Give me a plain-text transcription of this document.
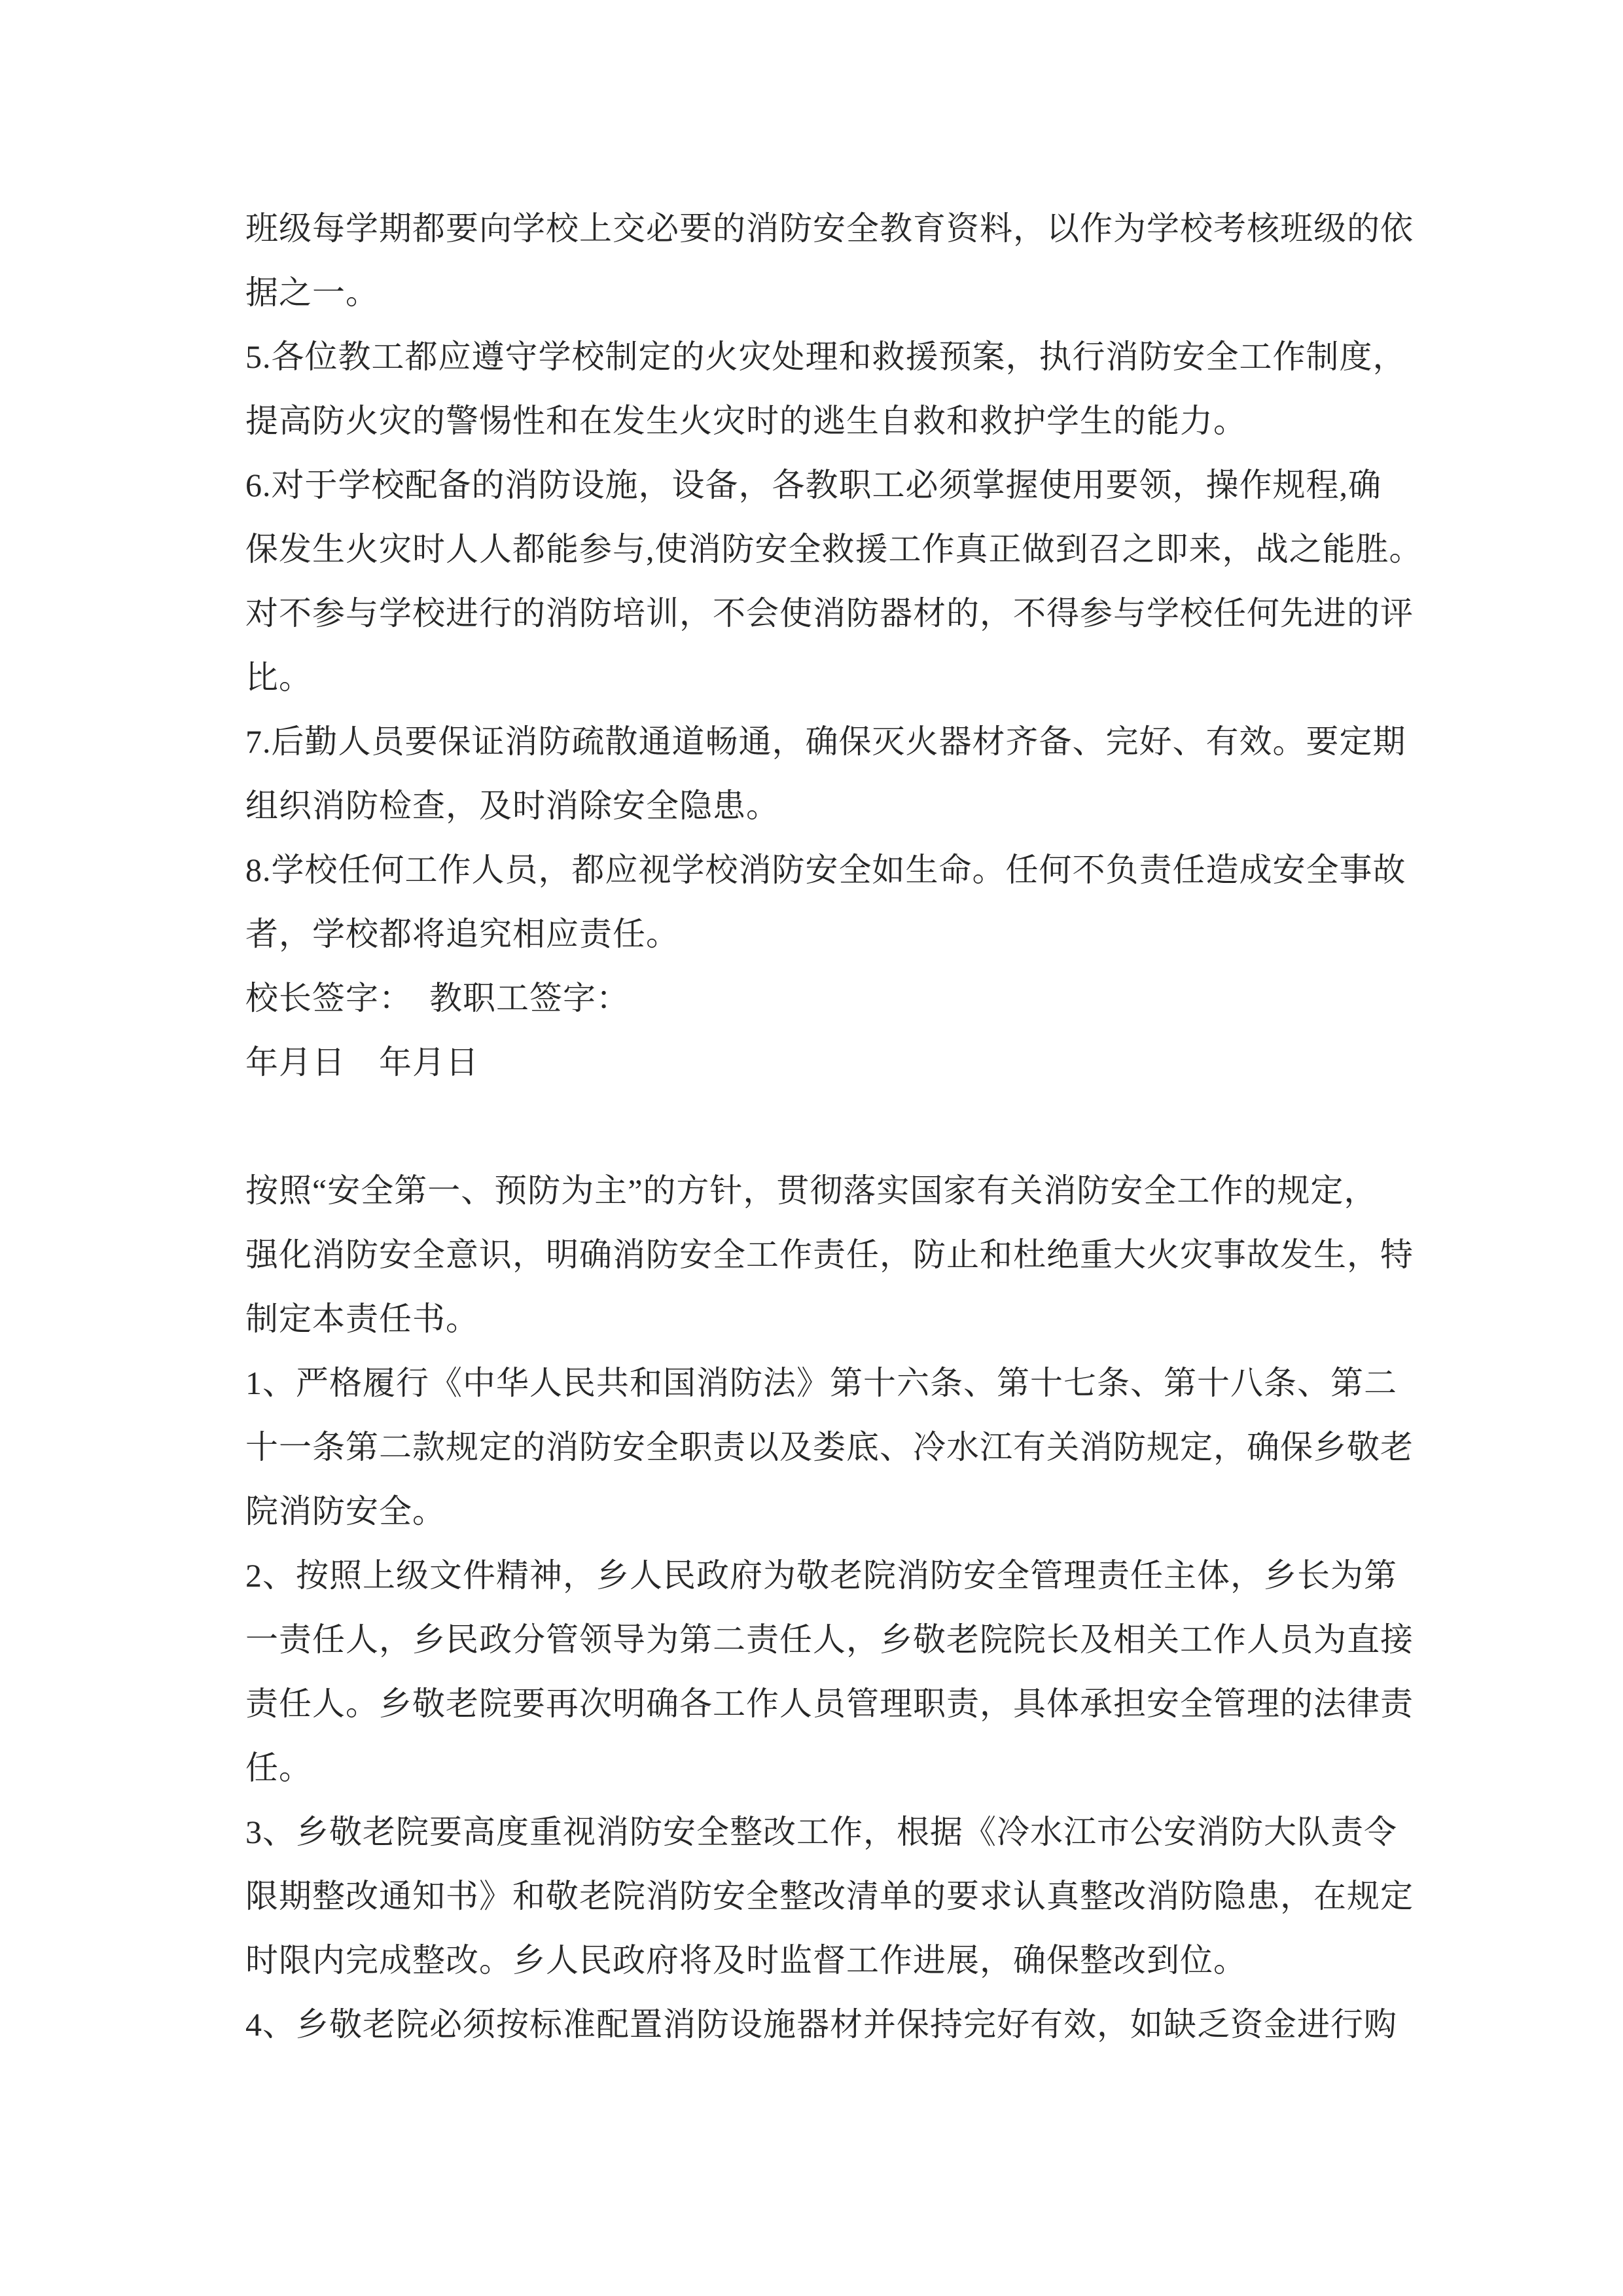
班级每学期都要向学校上交必要的消防安全教育资料，以作为学校考核班级的依
据之一。
5.各位教工都应遵守学校制定的火灾处理和救援预案，执行消防安全工作制度，
提高防火灾的警惕性和在发生火灾时的逃生自救和救护学生的能力。
6.对于学校配备的消防设施，设备，各教职工必须掌握使用要领，操作规程,确
保发生火灾时人人都能参与,使消防安全救援工作真正做到召之即来，战之能胜。
对不参与学校进行的消防培训，不会使消防器材的，不得参与学校任何先进的评
比。
7.后勤人员要保证消防疏散通道畅通，确保灭火器材齐备、完好、有效。要定期
组织消防检查，及时消除安全隐患。
8.学校任何工作人员，都应视学校消防安全如生命。任何不负责任造成安全事故
者，学校都将追究相应责任。
校长签字：　教职工签字：
年月日　年月日
按照“安全第一、预防为主”的方针，贯彻落实国家有关消防安全工作的规定，
强化消防安全意识，明确消防安全工作责任，防止和杜绝重大火灾事故发生，特
制定本责任书。
1、严格履行《中华人民共和国消防法》第十六条、第十七条、第十八条、第二
十一条第二款规定的消防安全职责以及娄底、冷水江有关消防规定，确保乡敬老
院消防安全。
2、按照上级文件精神，乡人民政府为敬老院消防安全管理责任主体，乡长为第
一责任人，乡民政分管领导为第二责任人，乡敬老院院长及相关工作人员为直接
责任人。乡敬老院要再次明确各工作人员管理职责，具体承担安全管理的法律责
任。
3、乡敬老院要高度重视消防安全整改工作，根据《冷水江市公安消防大队责令
限期整改通知书》和敬老院消防安全整改清单的要求认真整改消防隐患，在规定
时限内完成整改。乡人民政府将及时监督工作进展，确保整改到位。
4、乡敬老院必须按标准配置消防设施器材并保持完好有效，如缺乏资金进行购
